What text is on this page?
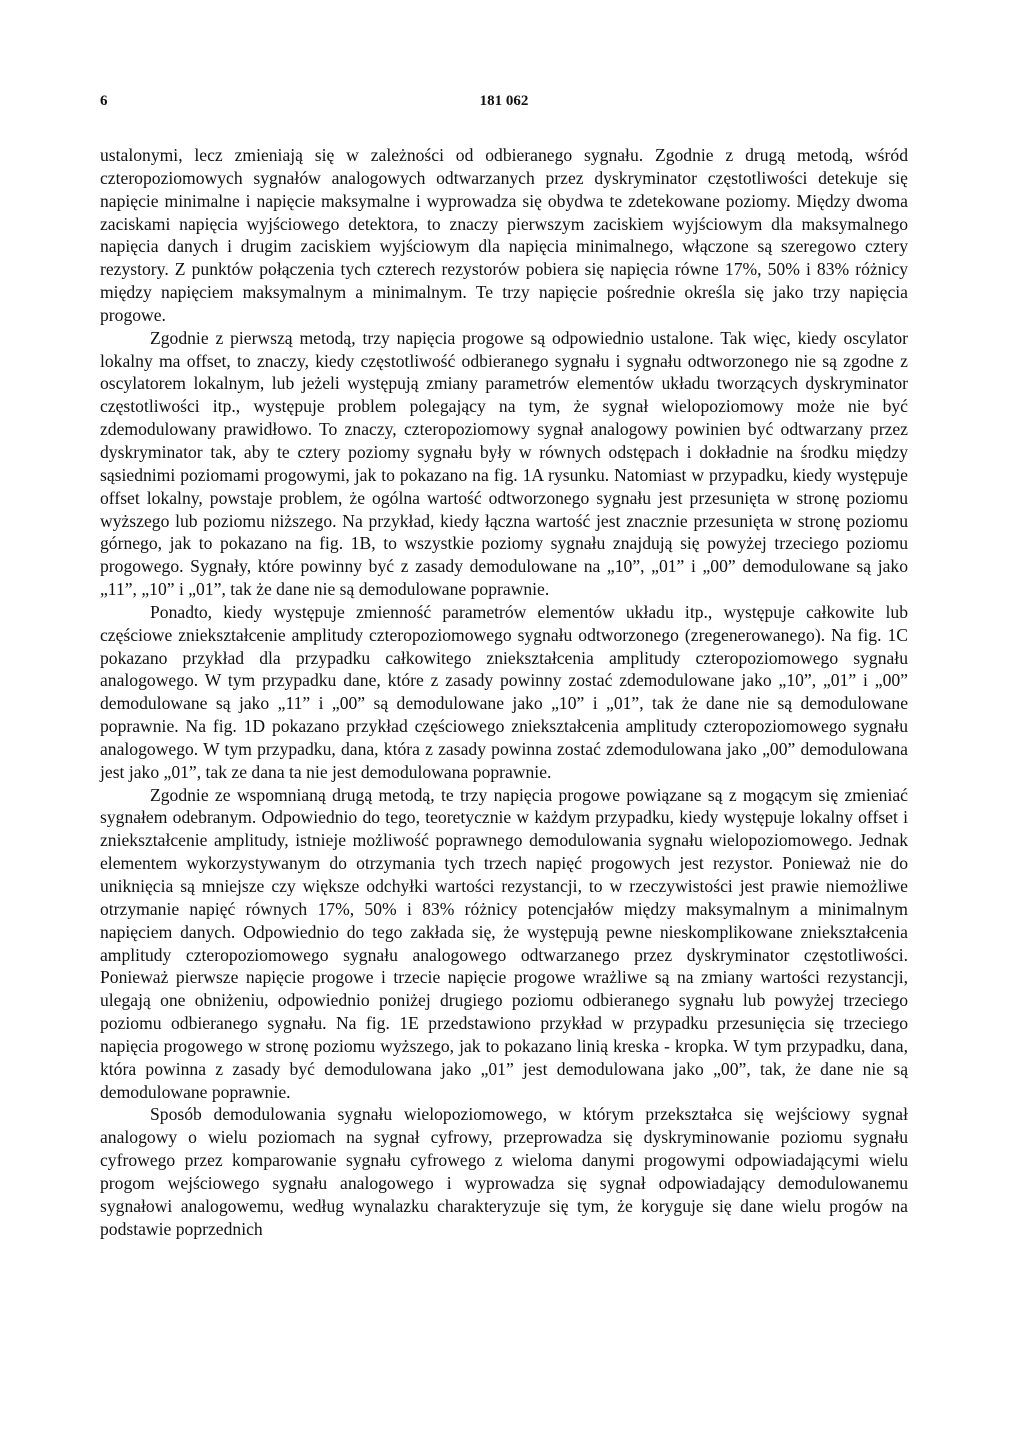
6	181 062

ustalonymi, lecz zmieniają się w zależności od odbieranego sygnału. Zgodnie z drugą metodą, wśród czteropoziomowych sygnałów analogowych odtwarzanych przez dyskryminator częstotliwości detekuje się napięcie minimalne i napięcie maksymalne i wyprowadza się obydwa te zdetekowane poziomy. Między dwoma zaciskami napięcia wyjściowego detektora, to znaczy pierwszym zaciskiem wyjściowym dla maksymalnego napięcia danych i drugim zaciskiem wyjściowym dla napięcia minimalnego, włączone są szeregowo cztery rezystory. Z punktów połączenia tych czterech rezystorów pobiera się napięcia równe 17%, 50% i 83% różnicy między napięciem maksymalnym a minimalnym. Te trzy napięcie pośrednie określa się jako trzy napięcia progowe.

Zgodnie z pierwszą metodą, trzy napięcia progowe są odpowiednio ustalone. Tak więc, kiedy oscylator lokalny ma offset, to znaczy, kiedy częstotliwość odbieranego sygnału i sygnału odtworzonego nie są zgodne z oscylatorem lokalnym, lub jeżeli występują zmiany parametrów elementów układu tworzących dyskryminator częstotliwości itp., występuje problem polegający na tym, że sygnał wielopoziomowy może nie być zdemodulowany prawidłowo. To znaczy, czteropoziomowy sygnał analogowy powinien być odtwarzany przez dyskryminator tak, aby te cztery poziomy sygnału były w równych odstępach i dokładnie na środku między sąsiednimi poziomami progowymi, jak to pokazano na fig. 1A rysunku. Natomiast w przypadku, kiedy występuje offset lokalny, powstaje problem, że ogólna wartość odtworzonego sygnału jest przesunięta w stronę poziomu wyższego lub poziomu niższego. Na przykład, kiedy łączna wartość jest znacznie przesunięta w stronę poziomu górnego, jak to pokazano na fig. 1B, to wszystkie poziomy sygnału znajdują się powyżej trzeciego poziomu progowego. Sygnały, które powinny być z zasady demodulowane na „10”, „01” i „00” demodulowane są jako „11”, „10” i „01”, tak że dane nie są demodulowane poprawnie.

Ponadto, kiedy występuje zmienność parametrów elementów układu itp., występuje całkowite lub częściowe zniekształcenie amplitudy czteropoziomowego sygnału odtworzonego (zregenerowanego). Na fig. 1C pokazano przykład dla przypadku całkowitego zniekształcenia amplitudy czteropoziomowego sygnału analogowego. W tym przypadku dane, które z zasady powinny zostać zdemodulowane jako „10”, „01” i „00” demodulowane są jako „11” i „00” są demodulowane jako „10” i „01”, tak że dane nie są demodulowane poprawnie. Na fig. 1D pokazano przykład częściowego zniekształcenia amplitudy czteropoziomowego sygnału analogowego. W tym przypadku, dana, która z zasady powinna zostać zdemodulowana jako „00” demodulowana jest jako „01”, tak ze dana ta nie jest demodulowana poprawnie.

Zgodnie ze wspomnianą drugą metodą, te trzy napięcia progowe powiązane są z mogącym się zmieniać sygnałem odebranym. Odpowiednio do tego, teoretycznie w każdym przypadku, kiedy występuje lokalny offset i zniekształcenie amplitudy, istnieje możliwość poprawnego demodulowania sygnału wielopoziomowego. Jednak elementem wykorzystywanym do otrzymania tych trzech napięć progowych jest rezystor. Ponieważ nie do uniknięcia są mniejsze czy większe odchyłki wartości rezystancji, to w rzeczywistości jest prawie niemożliwe otrzymanie napięć równych 17%, 50% i 83% różnicy potencjałów między maksymalnym a minimalnym napięciem danych. Odpowiednio do tego zakłada się, że występują pewne nieskomplikowane zniekształcenia amplitudy czteropoziomowego sygnału analogowego odtwarzanego przez dyskryminator częstotliwości. Ponieważ pierwsze napięcie progowe i trzecie napięcie progowe wrażliwe są na zmiany wartości rezystancji, ulegają one obniżeniu, odpowiednio poniżej drugiego poziomu odbieranego sygnału lub powyżej trzeciego poziomu odbieranego sygnału. Na fig. 1E przedstawiono przykład w przypadku przesunięcia się trzeciego napięcia progowego w stronę poziomu wyższego, jak to pokazano linią kreska - kropka. W tym przypadku, dana, która powinna z zasady być demodulowana jako „01” jest demodulowana jako „00”, tak, że dane nie są demodulowane poprawnie.

Sposób demodulowania sygnału wielopoziomowego, w którym przekształca się wejściowy sygnał analogowy o wielu poziomach na sygnał cyfrowy, przeprowadza się dyskryminowanie poziomu sygnału cyfrowego przez komparowanie sygnału cyfrowego z wieloma danymi progowymi odpowiadającymi wielu progom wejściowego sygnału analogowego i wyprowadza się sygnał odpowiadający demodulowanemu sygnałowi analogowemu, według wynalazku charakteryzuje się tym, że koryguje się dane wielu progów na podstawie poprzednich
